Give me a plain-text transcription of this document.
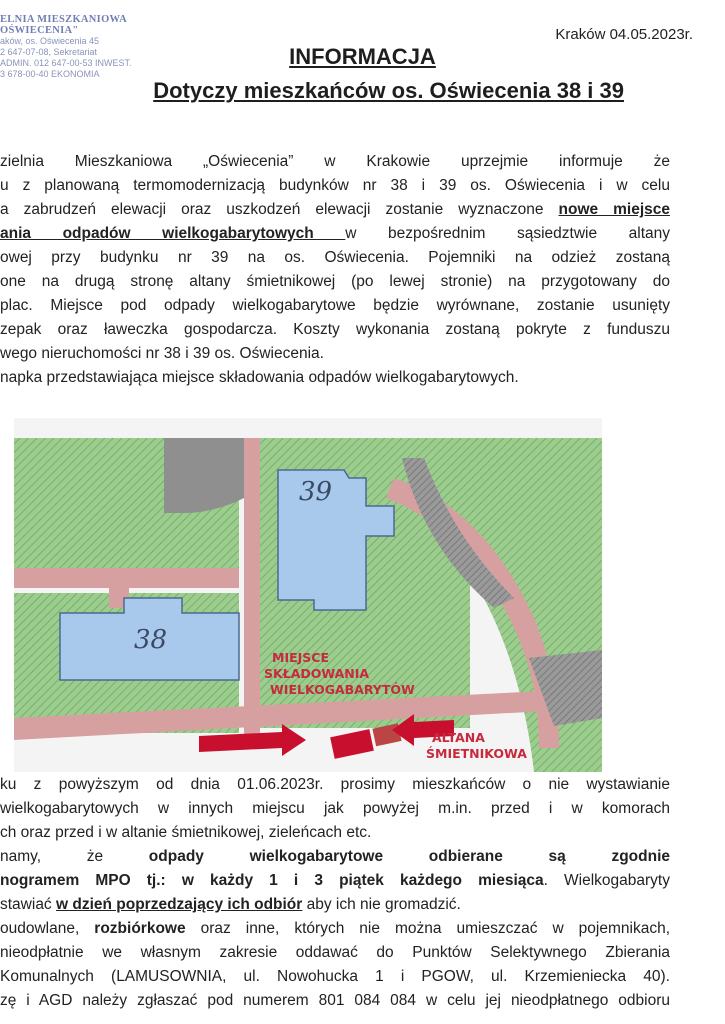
ELNIA MIESZKANIOWA
OŚWIECENIA"
aków, os. Oświecenia 45
2 647-07-08, Sekretariat
ADMIN. 012 647-00-53 INWEST.
3 678-00-40 EKONOMIA
Kraków 04.05.2023r.
INFORMACJA
Dotyczy mieszkańców os. Oświecenia 38 i 39
zielnia Mieszkaniowa „Oświecenia” w Krakowie uprzejmie informuje że
u z planowaną termomodernizacją budynków nr 38 i 39 os. Oświecenia i w celu
a zabrudzeń elewacji oraz uszkodzeń elewacji zostanie wyznaczone nowe miejsce
ania odpadów wielkogabarytowych w bezpośrednim sąsiedztwie altany
owej przy budynku nr 39 na os. Oświecenia. Pojemniki na odzież zostaną
one na drugą stronę altany śmietnikowej (po lewej stronie) na przygotowany do
plac. Miejsce pod odpady wielkogabarytowe będzie wyrównane, zostanie usunięty
zepak oraz ławeczka gospodarcza. Koszty wykonania zostaną pokryte z funduszu
wego nieruchomości nr 38 i 39 os. Oświecenia.
napka przedstawiająca miejsce składowania odpadów wielkogabarytowych.
39
38
MIEJSCE
SKŁADOWANIA
WIELKOGABARYTÓW
ALTANA
ŚMIETNIKOWA
ku z powyższym od dnia 01.06.2023r. prosimy mieszkańców o nie wystawianie
wielkogabarytowych w innych miejscu jak powyżej m.in. przed i w komorach
ch oraz przed i w altanie śmietnikowej, zieleńcach etc.
namy, że odpady wielkogabarytowe odbierane są zgodnie
nogramem MPO tj.: w każdy 1 i 3 piątek każdego miesiąca. Wielkogabaryty
stawiać w dzień poprzedzający ich odbiór aby ich nie gromadzić.
oudowlane, rozbiórkowe oraz inne, których nie można umieszczać w pojemnikach,
nieodpłatnie we własnym zakresie oddawać do Punktów Selektywnego Zbierania
Komunalnych (LAMUSOWNIA, ul. Nowohucka 1 i PGOW, ul. Krzemieniecka 40).
zę i AGD należy zgłaszać pod numerem 801 084 084 w celu jej nieodpłatnego odbioru
